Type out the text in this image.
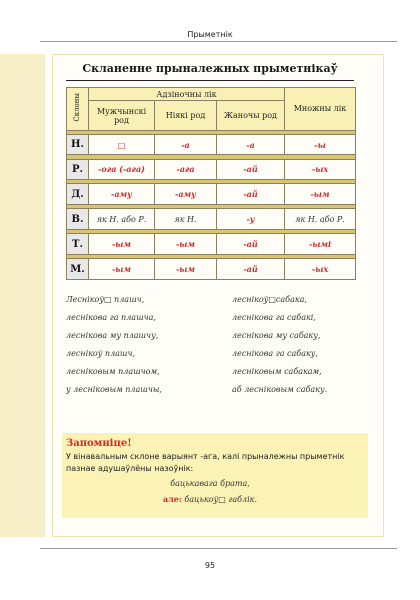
Прыметнік
Скланенне прыналежных прыметнікаў
Склоны	Адзіночны лік			Множны лік
	Мужчынскі род	Ніякі род	Жаночы род	

Н.	□	-а	-а	-ы

Р.	-ога (-ага)	-ага	-ай	-ых

Д.	-аму	-аму	-ай	-ым

В.	як Н. або Р.	як Н.	-у	як Н. або Р.

Т.	-ым	-ым	-ай	-ымі

М.	-ым	-ым	-ай	-ых
Леснікоў□ плашч,
леснікова га плашча,
леснікова му плашчу,
леснікоў плашч,
лесніковым плашчом,
у лесніковым плашчы,
леснікоў□сабака,
леснікова га сабакі,
леснікова му сабаку,
леснікова га сабаку,
лесніковым сабакам,
аб лесніковым сабаку.
Запомніце!
У вінавальным склоне варыянт -ага, калі прыналежны прыметнік пазнае адушаўлёны назоўнік:
бацькавага брата,
але: бацькоў□ габлік.
95
